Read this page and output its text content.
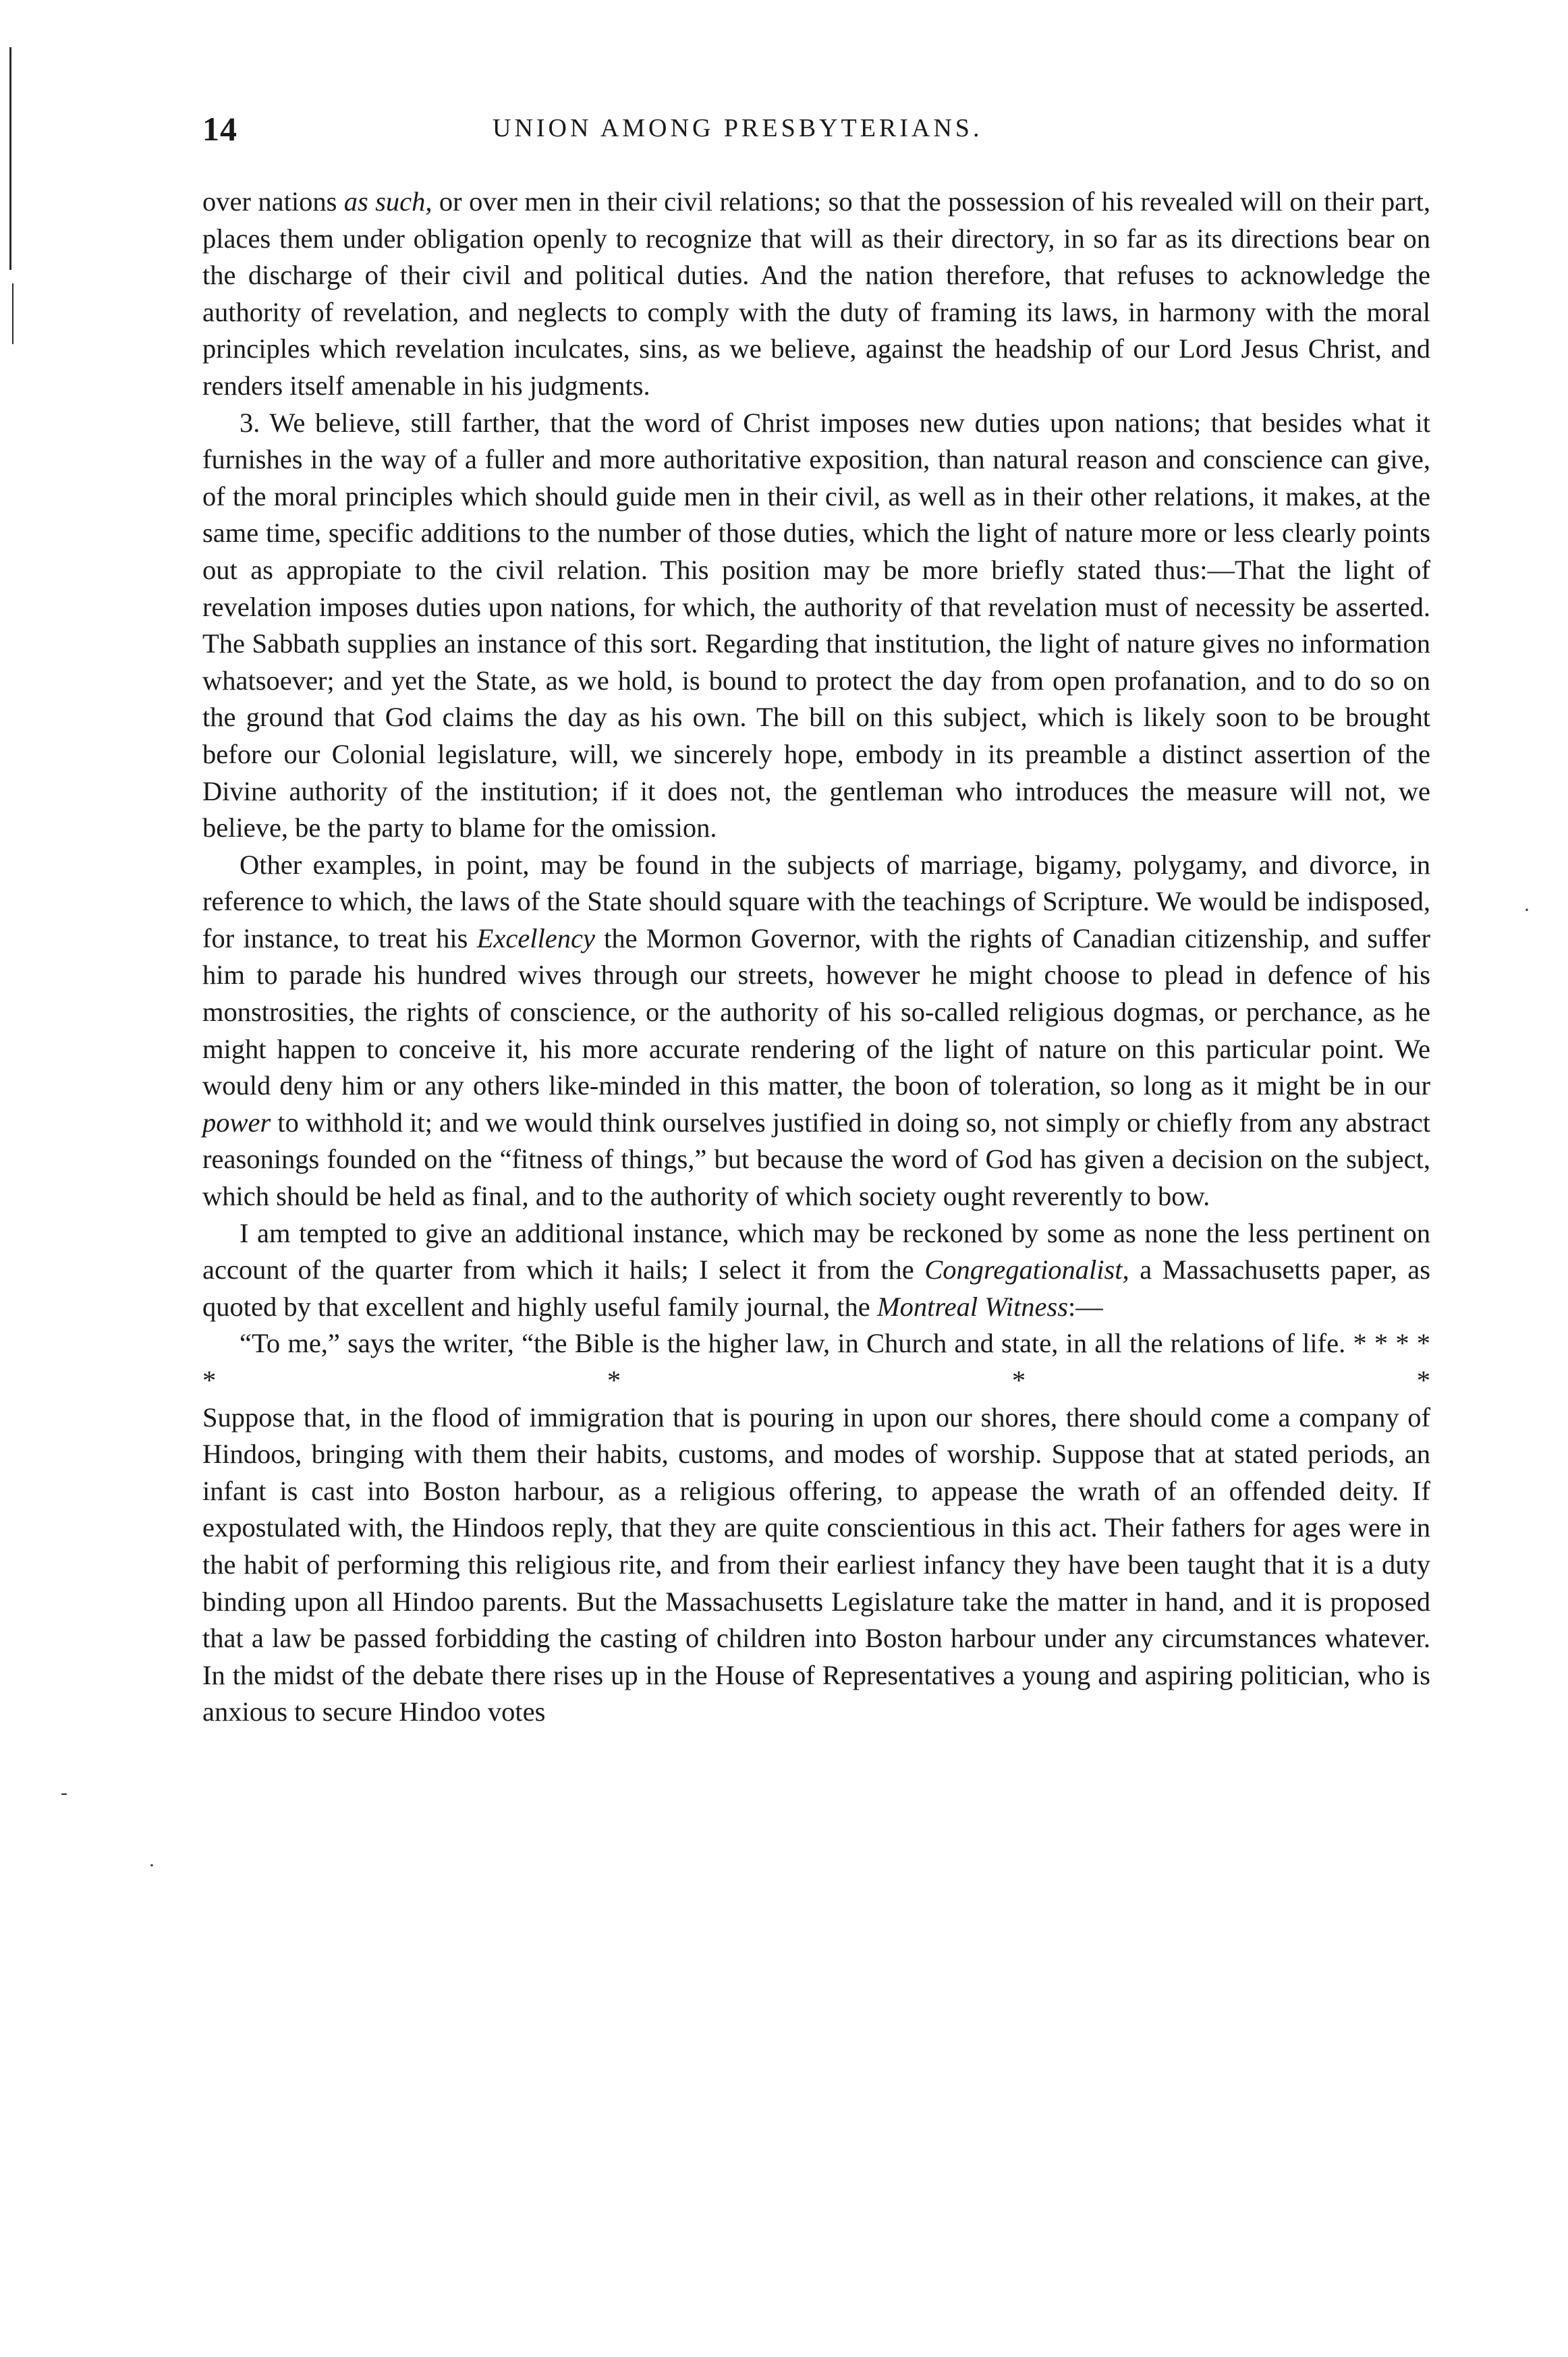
14	UNION AMONG PRESBYTERIANS.

over nations as such, or over men in their civil relations; so that the possession of his revealed will on their part, places them under obligation openly to recognize that will as their directory, in so far as its directions bear on the discharge of their civil and political duties. And the nation therefore, that refuses to acknowledge the authority of revelation, and neglects to comply with the duty of framing its laws, in harmony with the moral principles which revelation inculcates, sins, as we believe, against the headship of our Lord Jesus Christ, and renders itself amenable in his judgments.

3. We believe, still farther, that the word of Christ imposes new duties upon nations; that besides what it furnishes in the way of a fuller and more authoritative exposition, than natural reason and conscience can give, of the moral principles which should guide men in their civil, as well as in their other relations, it makes, at the same time, specific additions to the number of those duties, which the light of nature more or less clearly points out as appropiate to the civil relation. This position may be more briefly stated thus:—That the light of revelation imposes duties upon nations, for which, the authority of that revelation must of necessity be asserted. The Sabbath supplies an instance of this sort. Regarding that institution, the light of nature gives no information whatsoever; and yet the State, as we hold, is bound to protect the day from open profanation, and to do so on the ground that God claims the day as his own. The bill on this subject, which is likely soon to be brought before our Colonial legislature, will, we sincerely hope, embody in its preamble a distinct assertion of the Divine authority of the institution; if it does not, the gentleman who introduces the measure will not, we believe, be the party to blame for the omission.

Other examples, in point, may be found in the subjects of marriage, bigamy, polygamy, and divorce, in reference to which, the laws of the State should square with the teachings of Scripture. We would be indisposed, for instance, to treat his Excellency the Mormon Governor, with the rights of Canadian citizenship, and suffer him to parade his hundred wives through our streets, however he might choose to plead in defence of his monstrosities, the rights of conscience, or the authority of his so-called religious dogmas, or perchance, as he might happen to conceive it, his more accurate rendering of the light of nature on this particular point. We would deny him or any others like-minded in this matter, the boon of toleration, so long as it might be in our power to withhold it; and we would think ourselves justified in doing so, not simply or chiefly from any abstract reasonings founded on the “fitness of things,” but because the word of God has given a decision on the subject, which should be held as final, and to the authority of which society ought reverently to bow.

I am tempted to give an additional instance, which may be reckoned by some as none the less pertinent on account of the quarter from which it hails; I select it from the Congregationalist, a Massachusetts paper, as quoted by that excellent and highly useful family journal, the Montreal Witness:—

“To me,” says the writer, “the Bible is the higher law, in Church and state, in all the relations of life. * * * * * * * *

Suppose that, in the flood of immigration that is pouring in upon our shores, there should come a company of Hindoos, bringing with them their habits, customs, and modes of worship. Suppose that at stated periods, an infant is cast into Boston harbour, as a religious offering, to appease the wrath of an offended deity. If expostulated with, the Hindoos reply, that they are quite conscientious in this act. Their fathers for ages were in the habit of performing this religious rite, and from their earliest infancy they have been taught that it is a duty binding upon all Hindoo parents. But the Massachusetts Legislature take the matter in hand, and it is proposed that a law be passed forbidding the casting of children into Boston harbour under any circumstances whatever. In the midst of the debate there rises up in the House of Representatives a young and aspiring politician, who is anxious to secure Hindoo votes

·
‐
·
